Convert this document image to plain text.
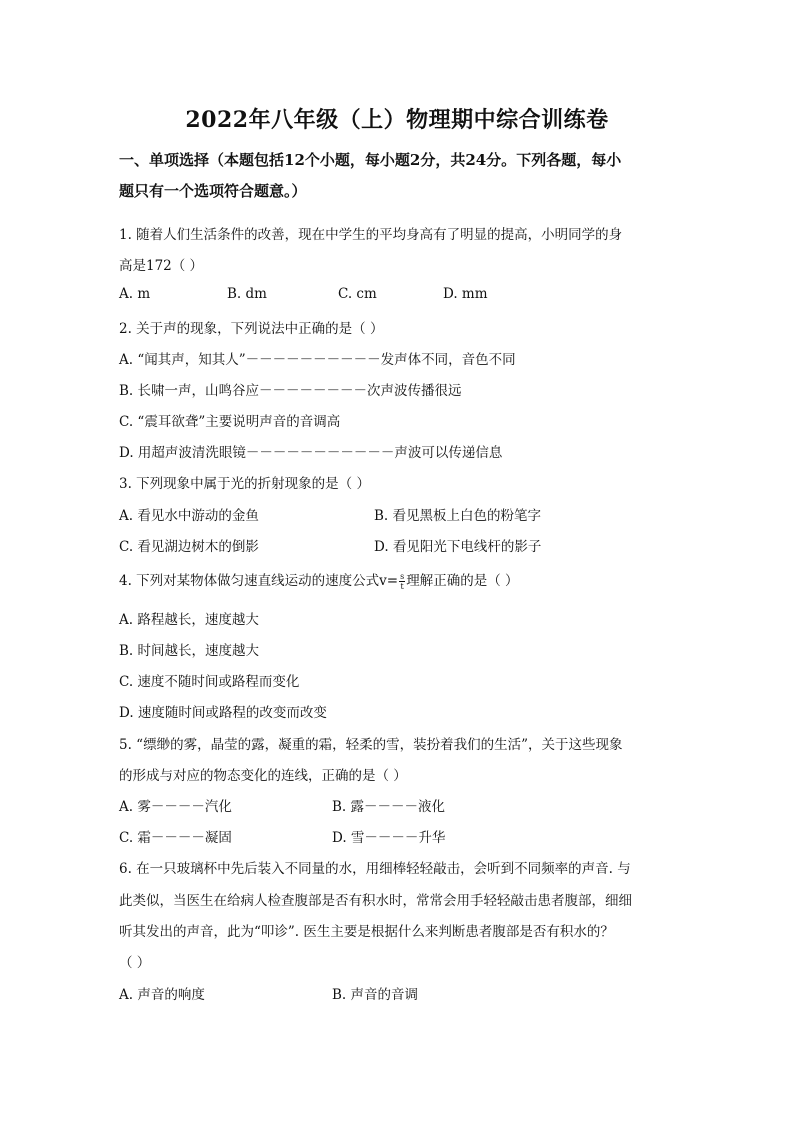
2022年八年级（上）物理期中综合训练卷
一、单项选择（本题包括12个小题，每小题2分，共24分。下列各题，每小
题只有一个选项符合题意。）
1. 随着人们生活条件的改善，现在中学生的平均身高有了明显的提高，小明同学的身
高是172（ ）
A. m	B. dm	C. cm	D. mm
2. 关于声的现象，下列说法中正确的是（ ）
A. “闻其声，知其人”－－－－－－－－－－发声体不同，音色不同
B. 长啸一声，山鸣谷应－－－－－－－－次声波传播很远
C. “震耳欲聋”主要说明声音的音调高
D. 用超声波清洗眼镜－－－－－－－－－－－声波可以传递信息
3. 下列现象中属于光的折射现象的是（ ）
A. 看见水中游动的金鱼	B. 看见黑板上白色的粉笔字
C. 看见湖边树木的倒影	D. 看见阳光下电线杆的影子
4. 下列对某物体做匀速直线运动的速度公式$v= \frac{s}{t}$ 理解正确的是（ ）
A. 路程越长，速度越大
B. 时间越长，速度越大
C. 速度不随时间或路程而变化
D. 速度随时间或路程的改变而改变
5. “缥缈的雾，晶莹的露，凝重的霜，轻柔的雪，装扮着我们的生活”，关于这些现象
的形成与对应的物态变化的连线，正确的是（ ）
A. 雾－－－－汽化	B. 露－－－－液化
C. 霜－－－－凝固	D. 雪－－－－升华
6. 在一只玻璃杯中先后装入不同量的水，用细棒轻轻敲击，会听到不同频率的声音. 与
此类似，当医生在给病人检查腹部是否有积水时，常常会用手轻轻敲击患者腹部，细细
听其发出的声音，此为“叩诊”. 医生主要是根据什么来判断患者腹部是否有积水的？
（ ）
A. 声音的响度	B. 声音的音调
